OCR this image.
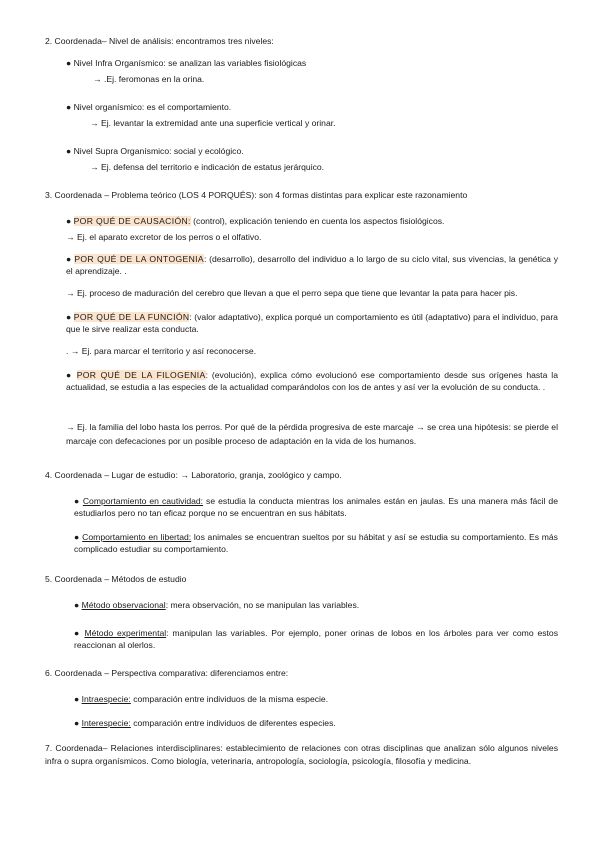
2. Coordenada– Nivel de análisis: encontramos tres niveles:
● Nivel Infra Organísmico: se analizan las variables fisiológicas
→ .Ej. feromonas en la orina.
● Nivel organísmico: es el comportamiento.
→ Ej. levantar la extremidad ante una superficie vertical y orinar.
● Nivel Supra Organísmico: social y ecológico.
→ Ej. defensa del territorio e indicación de estatus jerárquico.
3. Coordenada – Problema teórico (LOS 4 PORQUÉS): son 4 formas distintas para explicar este razonamiento
● POR QUÉ DE CAUSACIÓN: (control), explicación teniendo en cuenta los aspectos fisiológicos.
→ Ej. el aparato excretor de los perros o el olfativo.
● POR QUÉ DE LA ONTOGENIA: (desarrollo), desarrollo del individuo a lo largo de su ciclo vital, sus vivencias, la genética y el aprendizaje. .
→ Ej. proceso de maduración del cerebro que llevan a que el perro sepa que tiene que levantar la pata para hacer pis.
● POR QUÉ DE LA FUNCIÓN: (valor adaptativo), explica porqué un comportamiento es útil (adaptativo) para el individuo, para que le sirve realizar esta conducta.
. → Ej. para marcar el territorio y así reconocerse.
● POR QUÉ DE LA FILOGENIA: (evolución), explica cómo evolucionó ese comportamiento desde sus orígenes hasta la actualidad, se estudia a las especies de la actualidad comparándolos con los de antes y así ver la evolución de su conducta. .
→ Ej. la familia del lobo hasta los perros. Por qué de la pérdida progresiva de este marcaje → se crea una hipótesis: se pierde el marcaje con defecaciones por un posible proceso de adaptación en la vida de los humanos.
4. Coordenada – Lugar de estudio: → Laboratorio, granja, zoológico y campo.
● Comportamiento en cautividad: se estudia la conducta mientras los animales están en jaulas. Es una manera más fácil de estudiarlos pero no tan eficaz porque no se encuentran en sus hábitats.
● Comportamiento en libertad: los animales se encuentran sueltos por su hábitat y así se estudia su comportamiento. Es más complicado estudiar su comportamiento.
5. Coordenada – Métodos de estudio
● Método observacional: mera observación, no se manipulan las variables.
● Método experimental: manipulan las variables. Por ejemplo, poner orinas de lobos en los árboles para ver como estos reaccionan al olerlos.
6. Coordenada – Perspectiva comparativa: diferenciamos entre:
● Intraespecie: comparación entre individuos de la misma especie.
● Interespecie: comparación entre individuos de diferentes especies.
7. Coordenada– Relaciones interdisciplinares: establecimiento de relaciones con otras disciplinas que analizan sólo algunos niveles infra o supra organísmicos. Como biología, veterinaria, antropología, sociología, psicología, filosofía y medicina.
